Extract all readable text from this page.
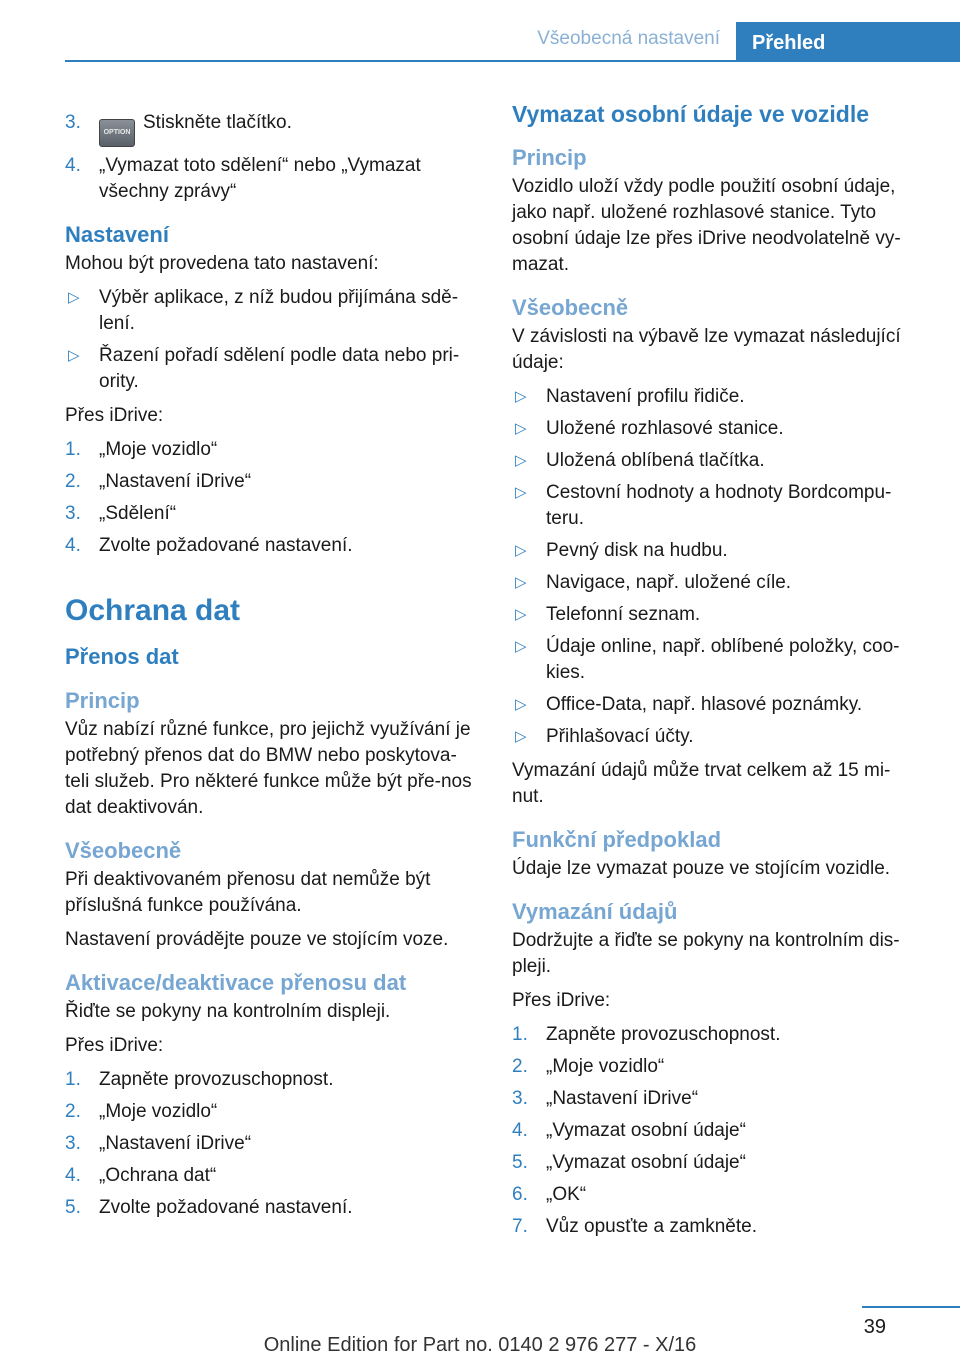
Všeobecná nastavení	Přehled
3.	OPTION Stiskněte tlačítko.
4. „Vymazat toto sdělení“ nebo „Vymazat všechny zprávy“
Nastavení

Mohou být provedena tato nastavení:

▷ Výběr aplikace, z níž budou přijímána sdě‐lení.
▷ Řazení pořadí sdělení podle data nebo pri‐ority.

Přes iDrive:

1. „Moje vozidlo“
2. „Nastavení iDrive“
3. „Sdělení“
4. Zvolte požadované nastavení.
Ochrana dat
Přenos dat
Princip

Vůz nabízí různé funkce, pro jejichž využívání je potřebný přenos dat do BMW nebo poskytova‐teli služeb. Pro některé funkce může být pře‐nos dat deaktivován.

Všeobecně

Při deaktivovaném přenosu dat nemůže být příslušná funkce používána.

Nastavení provádějte pouze ve stojícím voze.

Aktivace/deaktivace přenosu dat

Řiďte se pokyny na kontrolním displeji.

Přes iDrive:

1. Zapněte provozuschopnost.
2. „Moje vozidlo“
3. „Nastavení iDrive“
4. „Ochrana dat“
5. Zvolte požadované nastavení.
Vymazat osobní údaje ve vozidle
Princip

Vozidlo uloží vždy podle použití osobní údaje, jako např. uložené rozhlasové stanice. Tyto osobní údaje lze přes iDrive neodvolatelně vy‐mazat.

Všeobecně

V závislosti na výbavě lze vymazat následující údaje:

▷ Nastavení profilu řidiče.
▷ Uložené rozhlasové stanice.
▷ Uložená oblíbená tlačítka.
▷ Cestovní hodnoty a hodnoty Bordcompu‐teru.
▷ Pevný disk na hudbu.
▷ Navigace, např. uložené cíle.
▷ Telefonní seznam.
▷ Údaje online, např. oblíbené položky, coo‐kies.
▷ Office-Data, např. hlasové poznámky.
▷ Přihlašovací účty.

Vymazání údajů může trvat celkem až 15 mi‐nut.

Funkční předpoklad

Údaje lze vymazat pouze ve stojícím vozidle.

Vymazání údajů

Dodržujte a řiďte se pokyny na kontrolním dis‐pleji.

Přes iDrive:

1. Zapněte provozuschopnost.
2. „Moje vozidlo“
3. „Nastavení iDrive“
4. „Vymazat osobní údaje“
5. „Vymazat osobní údaje“
6. „OK“
7. Vůz opusťte a zamkněte.
39
Online Edition for Part no. 0140 2 976 277 - X/16
